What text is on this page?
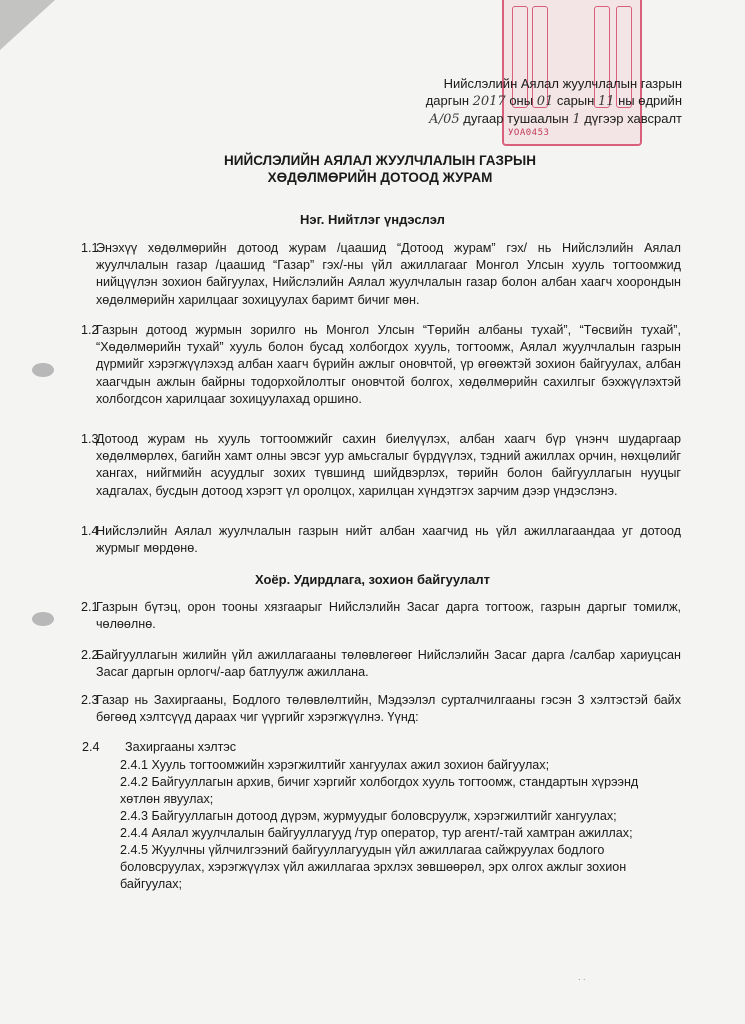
УОА0453
Нийслэлийн Аялал жуулчлалын газрын
даргын 2017 оны 01 сарын 11 ны өдрийн
А/05 дугаар тушаалын 1 дүгээр хавсралт
НИЙСЛЭЛИЙН АЯЛАЛ ЖУУЛЧЛАЛЫН ГАЗРЫН
ХӨДӨЛМӨРИЙН ДОТООД ЖУРАМ
Нэг. Нийтлэг үндэслэл
1.1
Энэхүү хөдөлмөрийн дотоод журам /цаашид “Дотоод журам” гэх/ нь Нийслэлийн Аялал жуулчлалын газар /цаашид “Газар” гэх/-ны үйл ажиллагааг Монгол Улсын хууль тогтоомжид нийцүүлэн зохион байгуулах, Нийслэлийн Аялал жуулчлалын газар болон албан хаагч хоорондын хөдөлмөрийн харилцааг зохицуулах баримт бичиг мөн.
1.2
Газрын дотоод журмын зорилго нь Монгол Улсын “Төрийн албаны тухай”, “Төсвийн тухай”, “Хөдөлмөрийн тухай” хууль болон бусад холбогдох хууль, тогтоомж, Аялал жуулчлалын газрын дүрмийг хэрэгжүүлэхэд албан хаагч бүрийн ажлыг оновчтой, үр өгөөжтэй зохион байгуулах, албан хаагчдын ажлын байрны тодорхойлолтыг оновчтой болгох, хөдөлмөрийн сахилгыг бэхжүүлэхтэй холбогдсон харилцааг зохицуулахад оршино.
1.3
Дотоод журам нь хууль тогтоомжийг сахин биелүүлэх, албан хаагч бүр үнэнч шударгаар хөдөлмөрлөх, багийн хамт олны эвсэг уур амьсгалыг бүрдүүлэх, тэдний ажиллах орчин, нөхцөлийг хангах, нийгмийн асуудлыг зохих түвшинд шийдвэрлэх, төрийн болон байгууллагын нууцыг хадгалах, бусдын дотоод хэрэгт үл оролцох, харилцан хүндэтгэх зарчим дээр үндэслэнэ.
1.4
Нийслэлийн Аялал жуулчлалын газрын нийт албан хаагчид нь үйл ажиллагаандаа уг дотоод журмыг мөрдөнө.
Хоёр. Удирдлага, зохион байгуулалт
2.1
Газрын бүтэц, орон тооны хязгаарыг Нийслэлийн Засаг дарга тогтоож, газрын даргыг томилж, чөлөөлнө.
2.2
Байгууллагын жилийн үйл ажиллагааны төлөвлөгөөг Нийслэлийн Засаг дарга /салбар хариуцсан Засаг даргын орлогч/-аар батлуулж ажиллана.
2.3
Газар нь Захиргааны, Бодлого төлөвлөлтийн, Мэдээлэл сурталчилгааны гэсэн 3 хэлтэстэй байх бөгөөд хэлтсүүд дараах чиг үүргийг хэрэгжүүлнэ. Үүнд:
2.4 Захиргааны хэлтэс
2.4.1 Хууль тогтоомжийн хэрэгжилтийг хангуулах ажил зохион байгуулах;
2.4.2 Байгууллагын архив, бичиг хэргийг холбогдох хууль тогтоомж, стандартын хүрээнд хөтлөн явуулах;
2.4.3 Байгууллагын дотоод дүрэм, журмуудыг боловсруулж, хэрэгжилтийг хангуулах;
2.4.4 Аялал жуулчлалын байгууллагууд /тур оператор, тур агент/-тай хамтран ажиллах;
2.4.5 Жуулчны үйлчилгээний байгууллагуудын үйл ажиллагаа сайжруулах бодлого боловсруулах, хэрэгжүүлэх үйл ажиллагаа эрхлэх зөвшөөрөл, эрх олгох ажлыг зохион байгуулах;
· ·
